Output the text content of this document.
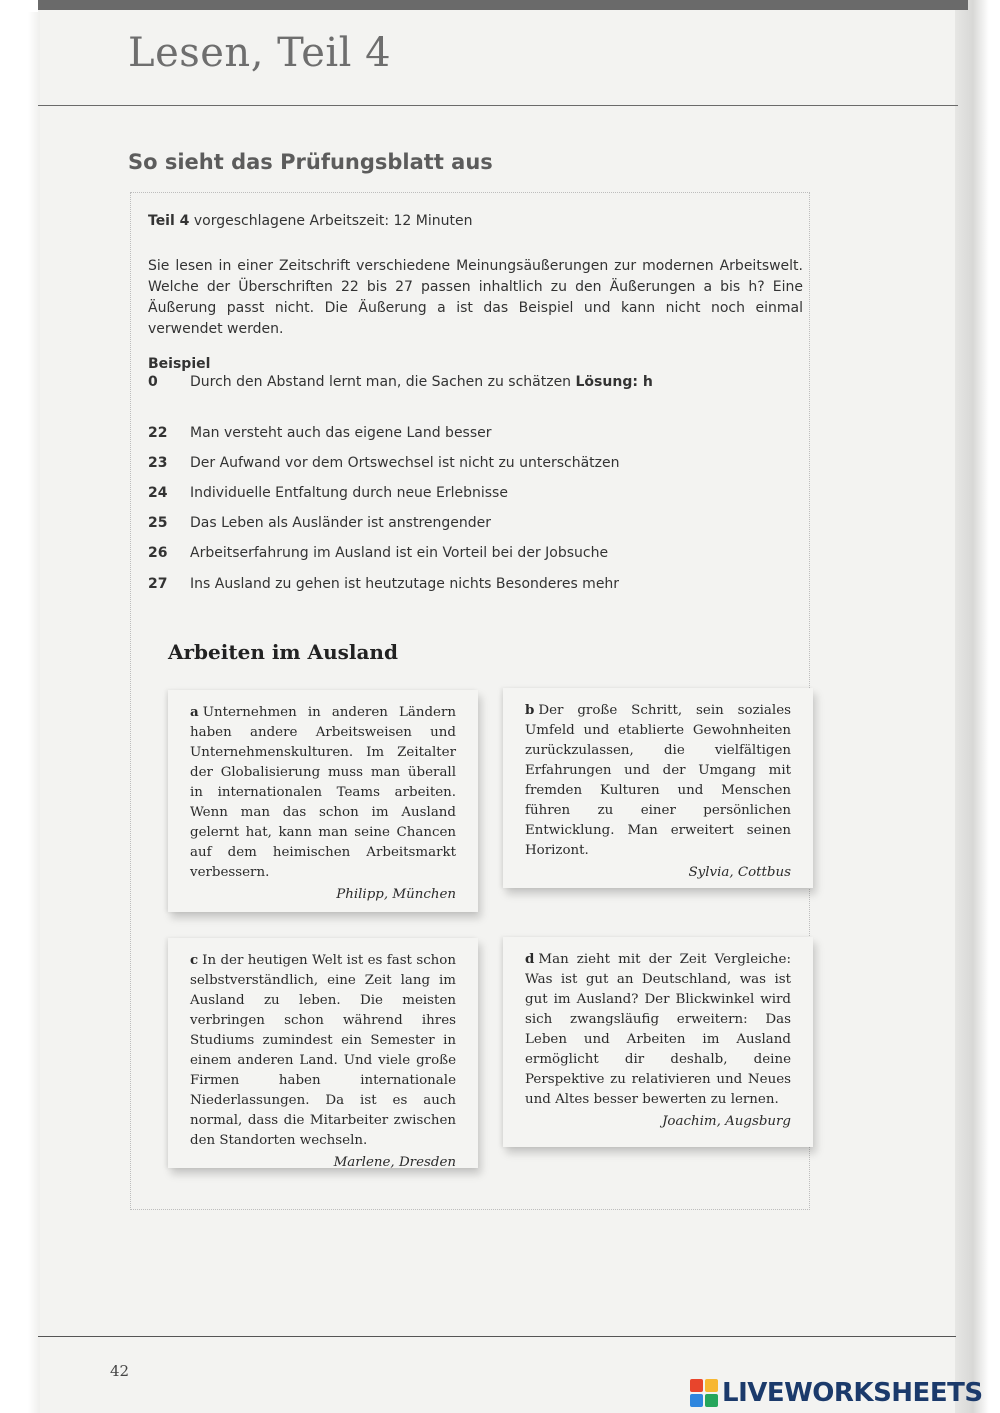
Lesen, Teil 4
So sieht das Prüfungsblatt aus
Teil 4 vorgeschlagene Arbeitszeit: 12 Minuten

Sie lesen in einer Zeitschrift verschiedene Meinungsäußerungen zur modernen Arbeitswelt. Welche der Überschriften 22 bis 27 passen inhaltlich zu den Äußerungen a bis h? Eine Äußerung passt nicht. Die Äußerung a ist das Beispiel und kann nicht noch einmal verwendet werden.

Beispiel
0 Durch den Abstand lernt man, die Sachen zu schätzen Lösung: h
22 Man versteht auch das eigene Land besser
23 Der Aufwand vor dem Ortswechsel ist nicht zu unterschätzen
24 Individuelle Entfaltung durch neue Erlebnisse
25 Das Leben als Ausländer ist anstrengender
26 Arbeitserfahrung im Ausland ist ein Vorteil bei der Jobsuche
27 Ins Ausland zu gehen ist heutzutage nichts Besonderes mehr
Arbeiten im Ausland

a Unternehmen in anderen Ländern haben andere Arbeitsweisen und Unternehmenskulturen. Im Zeitalter der Globalisierung muss man überall in internationalen Teams arbeiten. Wenn man das schon im Ausland gelernt hat, kann man seine Chancen auf dem heimischen Arbeitsmarkt verbessern.

Philipp, München

b Der große Schritt, sein soziales Umfeld und etablierte Gewohnheiten zurückzulassen, die vielfältigen Erfahrungen und der Umgang mit fremden Kulturen und Menschen führen zu einer persönlichen Entwicklung. Man erweitert seinen Horizont.

Sylvia, Cottbus

c In der heutigen Welt ist es fast schon selbstverständlich, eine Zeit lang im Ausland zu leben. Die meisten verbringen schon während ihres Studiums zumindest ein Semester in einem anderen Land. Und viele große Firmen haben internationale Niederlassungen. Da ist es auch normal, dass die Mitarbeiter zwischen den Standorten wechseln.

Marlene, Dresden

d Man zieht mit der Zeit Vergleiche: Was ist gut an Deutschland, was ist gut im Ausland? Der Blickwinkel wird sich zwangsläufig erweitern: Das Leben und Arbeiten im Ausland ermöglicht dir deshalb, deine Perspektive zu relativieren und Neues und Altes besser bewerten zu lernen.

Joachim, Augsburg

42
LIVEWORKSHEETS
